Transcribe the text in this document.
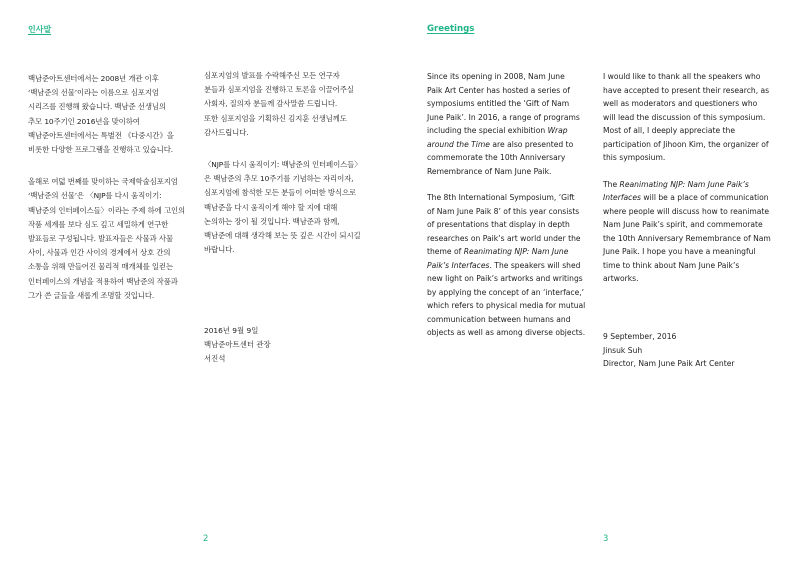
인사말

백남준아트센터에서는 2008년 개관 이후
‘백남준의 선물’이라는 이름으로 심포지엄
시리즈를 진행해 왔습니다. 백남준 선생님의
추모 10주기인 2016년을 맞이하여
백남준아트센터에서는 특별전 《다중시간》을
비롯한 다양한 프로그램을 진행하고 있습니다.

올해로 여덟 번째를 맞이하는 국제학술심포지엄
‘백남준의 선물’은 〈NJP를 다시 움직이기:
백남준의 인터페이스들〉이라는 주제 하에 고인의
작품 세계를 보다 심도 깊고 세밀하게 연구한
발표들로 구성됩니다. 발표자들은 사물과 사물
사이, 사물과 인간 사이의 경계에서 상호 간의
소통을 위해 만들어진 물리적 매개체를 일컫는
인터페이스의 개념을 적용하여 백남준의 작품과
그가 쓴 글들을 새롭게 조명할 것입니다.

심포지엄의 발표를 수락해주신 모든 연구자
분들과 심포지엄을 진행하고 토론을 이끌어주실
사회자, 질의자 분들께 감사말씀 드립니다.
또한 심포지엄을 기획하신 김지훈 선생님께도
감사드립니다.

〈NJP를 다시 움직이기: 백남준의 인터페이스들〉
은 백남준의 추모 10주기를 기념하는 자리이자,
심포지엄에 참석한 모든 분들이 어떠한 방식으로
백남준을 다시 움직이게 해야 할 지에 대해
논의하는 장이 될 것입니다. 백남준과 함께,
백남준에 대해 생각해 보는 뜻 깊은 시간이 되시길
바랍니다.

2016년 9월 9일
백남준아트센터 관장
서진석
2
Greetings

Since its opening in 2008, Nam June
Paik Art Center has hosted a series of
symposiums entitled the ‘Gift of Nam
June Paik’. In 2016, a range of programs
including the special exhibition Wrap
around the Time are also presented to
commemorate the 10th Anniversary
Remembrance of Nam June Paik.

The 8th International Symposium, ‘Gift
of Nam June Paik 8’ of this year consists
of presentations that display in depth
researches on Paik’s art world under the
theme of Reanimating NJP: Nam June
Paik’s Interfaces. The speakers will shed
new light on Paik’s artworks and writings
by applying the concept of an ‘interface,’
which refers to physical media for mutual
communication between humans and
objects as well as among diverse objects.

I would like to thank all the speakers who
have accepted to present their research, as
well as moderators and questioners who
will lead the discussion of this symposium.
Most of all, I deeply appreciate the
participation of Jihoon Kim, the organizer of
this symposium.

The Reanimating NJP: Nam June Paik’s
Interfaces will be a place of communication
where people will discuss how to reanimate
Nam June Paik’s spirit, and commemorate
the 10th Anniversary Remembrance of Nam
June Paik. I hope you have a meaningful
time to think about Nam June Paik’s
artworks.

9 September, 2016
Jinsuk Suh
Director, Nam June Paik Art Center
3
